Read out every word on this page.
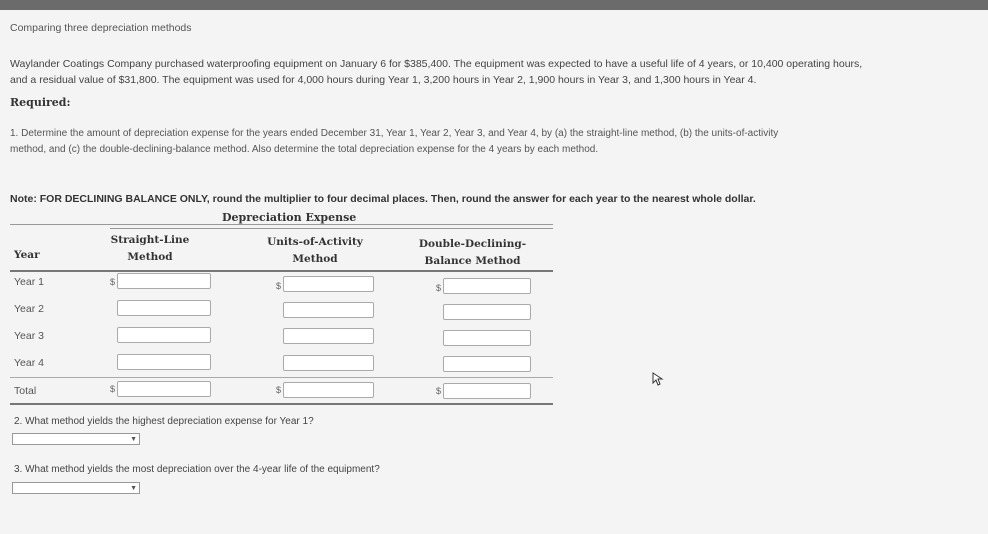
Comparing three depreciation methods
Waylander Coatings Company purchased waterproofing equipment on January 6 for $385,400. The equipment was expected to have a useful life of 4 years, or 10,400 operating hours,
and a residual value of $31,800. The equipment was used for 4,000 hours during Year 1, 3,200 hours in Year 2, 1,900 hours in Year 3, and 1,300 hours in Year 4.
Required:
1. Determine the amount of depreciation expense for the years ended December 31, Year 1, Year 2, Year 3, and Year 4, by (a) the straight-line method, (b) the units-of-activity
method, and (c) the double-declining-balance method. Also determine the total depreciation expense for the 4 years by each method.
Note: FOR DECLINING BALANCE ONLY, round the multiplier to four decimal places. Then, round the answer for each year to the nearest whole dollar.
Depreciation Expense
Year
Straight-Line
Method
Units-of-Activity
Method
Double-Declining-
Balance Method
Year 1
Year 2
Year 3
Year 4
Total
$
$
$
$
$
$
2. What method yields the highest depreciation expense for Year 1?
▼
3. What method yields the most depreciation over the 4-year life of the equipment?
▼
